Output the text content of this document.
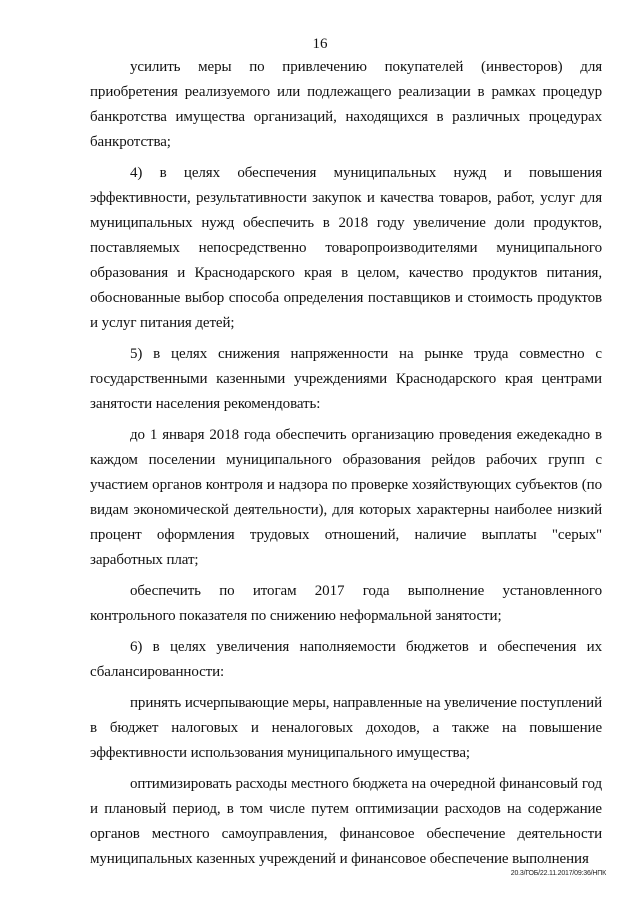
16

усилить меры по привлечению покупателей (инвесторов) для приобретения реализуемого или подлежащего реализации в рамках процедур банкротства имущества организаций, находящихся в различных процедурах банкротства;

4) в целях обеспечения муниципальных нужд и повышения эффективности, результативности закупок и качества товаров, работ, услуг для муниципальных нужд обеспечить в 2018 году увеличение доли продуктов, поставляемых непосредственно товаропроизводителями муниципального образования и Краснодарского края в целом, качество продуктов питания, обоснованные выбор способа определения поставщиков и стоимость продуктов и услуг питания детей;

5) в целях снижения напряженности на рынке труда совместно с государственными казенными учреждениями Краснодарского края центрами занятости населения рекомендовать:

до 1 января 2018 года обеспечить организацию проведения ежедекадно в каждом поселении муниципального образования рейдов рабочих групп с участием органов контроля и надзора по проверке хозяйствующих субъектов (по видам экономической деятельности), для которых характерны наиболее низкий процент оформления трудовых отношений, наличие выплаты "серых" заработных плат;

обеспечить по итогам 2017 года выполнение установленного контрольного показателя по снижению неформальной занятости;

6) в целях увеличения наполняемости бюджетов и обеспечения их сбалансированности:

принять исчерпывающие меры, направленные на увеличение поступлений в бюджет налоговых и неналоговых доходов, а также на повышение эффективности использования муниципального имущества;

оптимизировать расходы местного бюджета на очередной финансовый год и плановый период, в том числе путем оптимизации расходов на содержание органов местного самоуправления, финансовое обеспечение деятельности муниципальных казенных учреждений и финансовое обеспечение выполнения

20.3/ГОБ/22.11.2017/09:36/НПК
